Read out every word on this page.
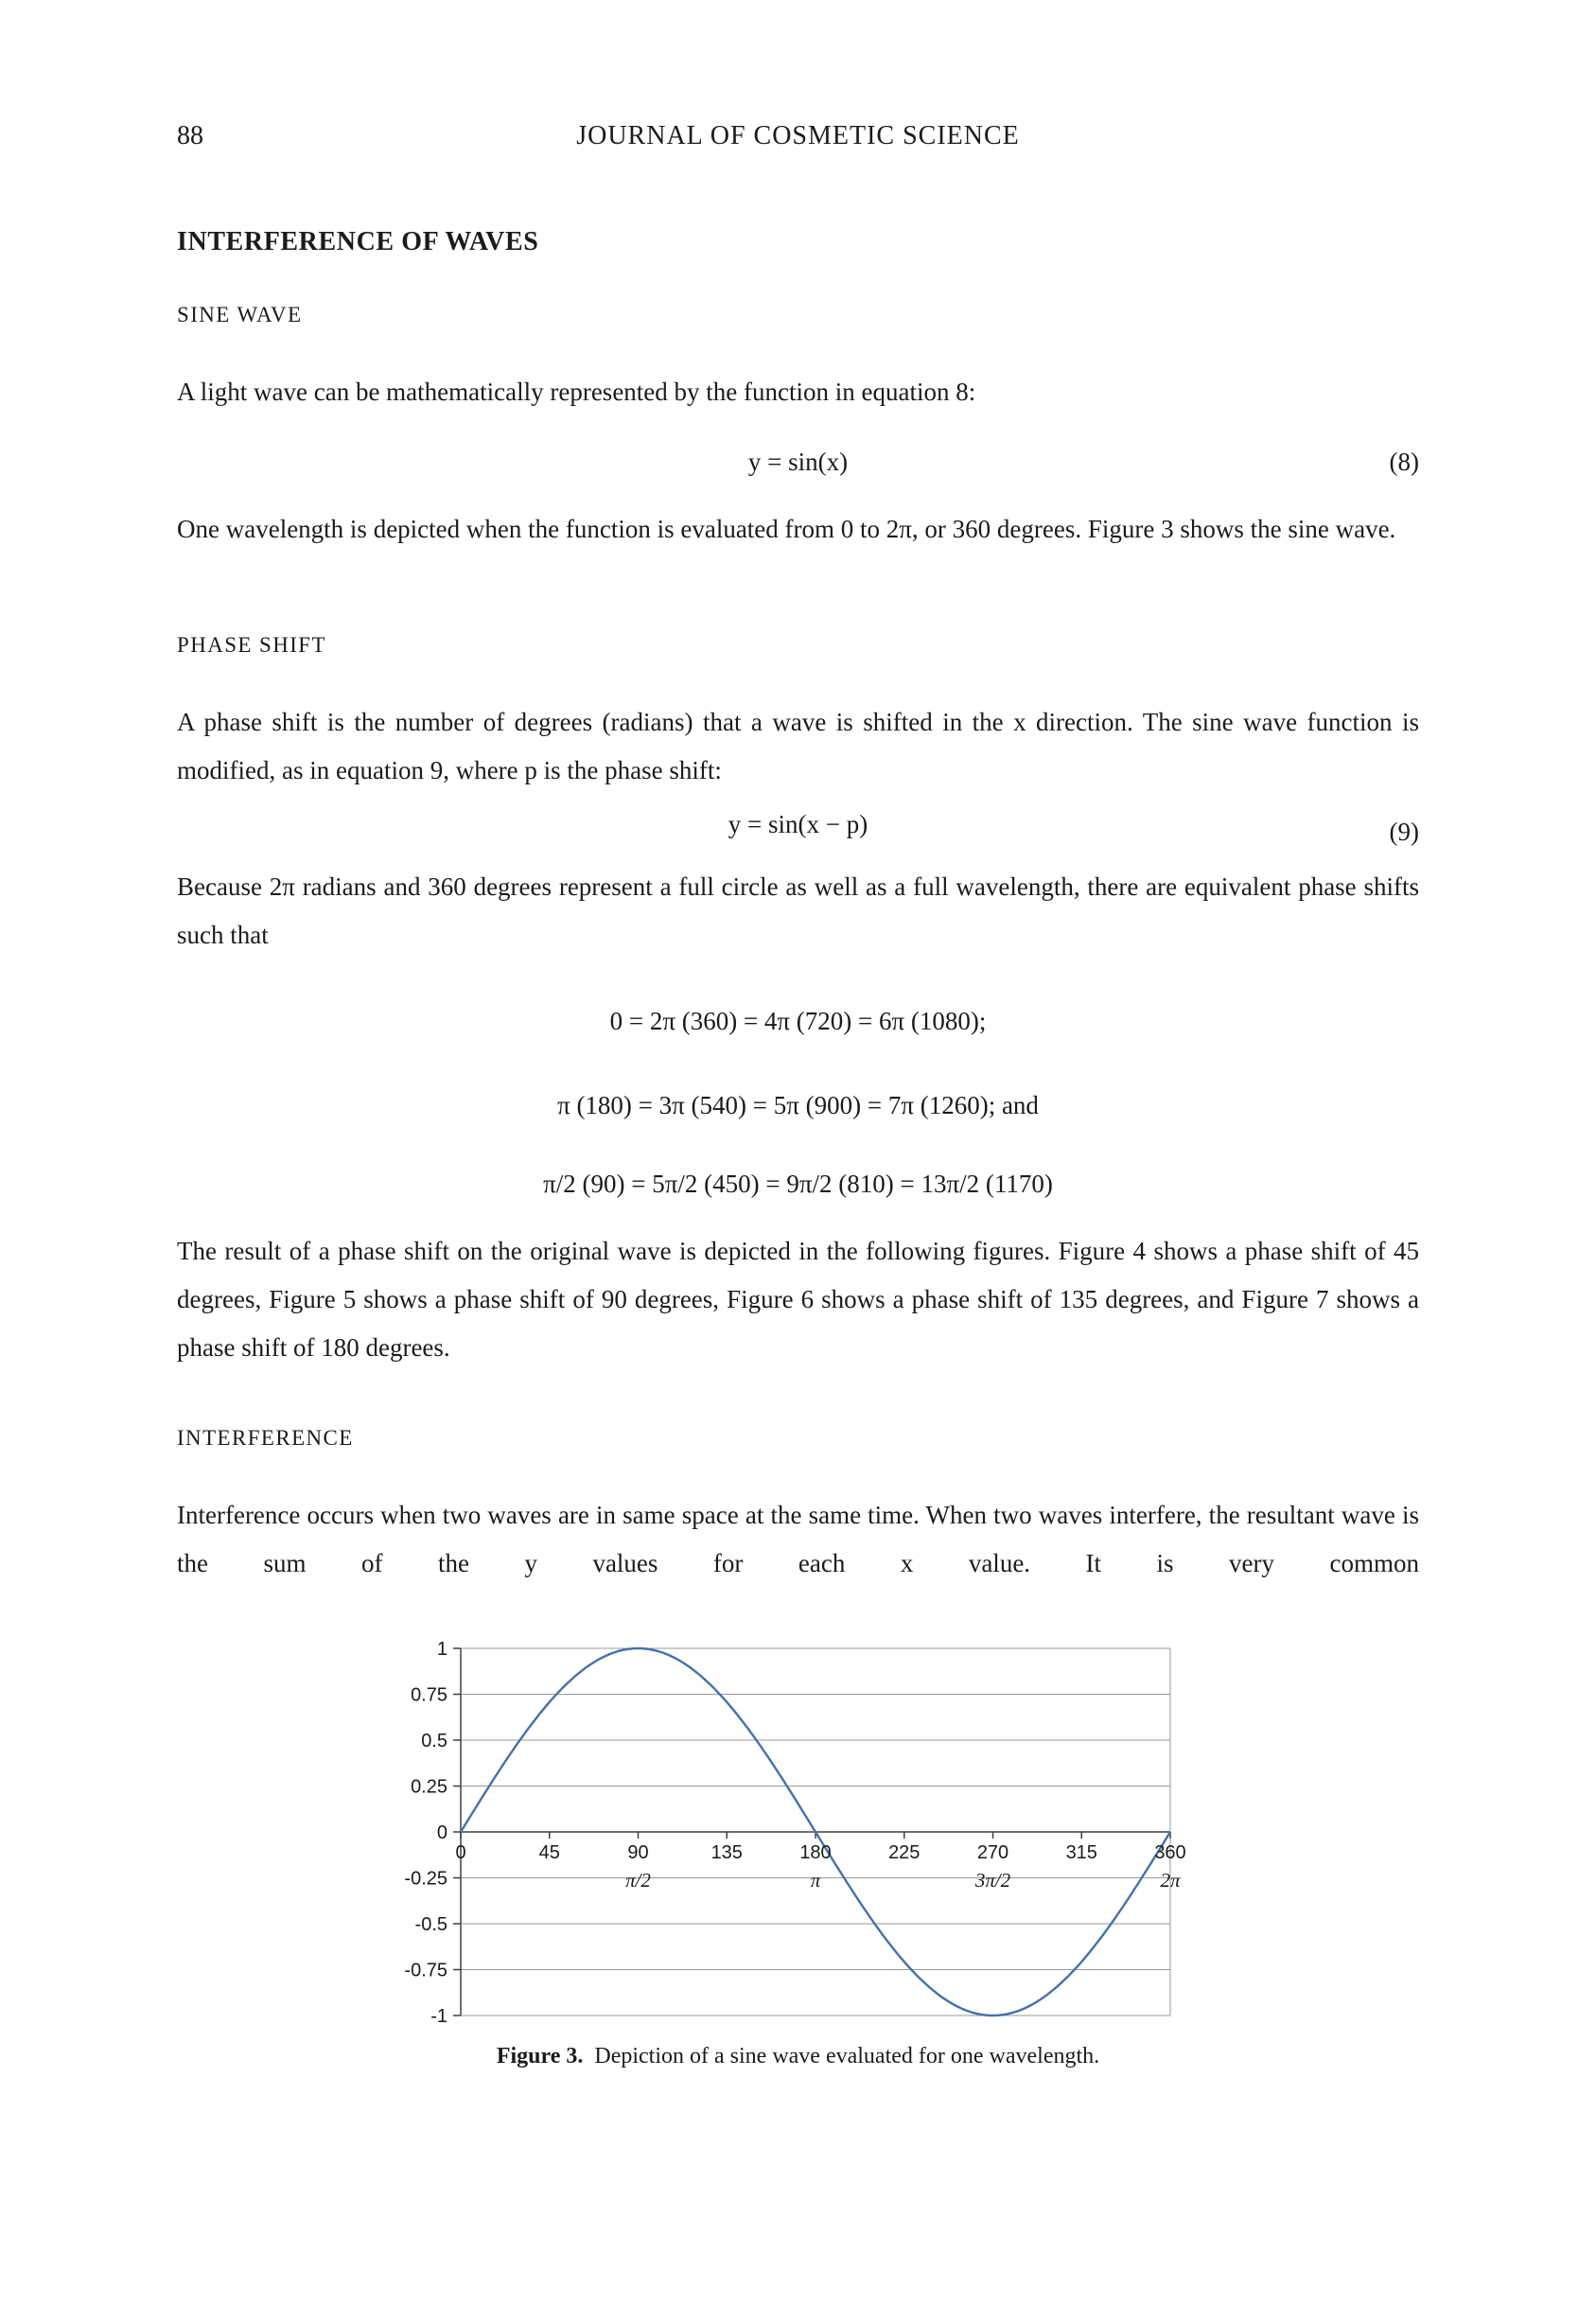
88	JOURNAL OF COSMETIC SCIENCE
INTERFERENCE OF WAVES
SINE WAVE

A light wave can be mathematically represented by the function in equation 8:

y = sin(x)	(8)

One wavelength is depicted when the function is evaluated from 0 to 2π, or 360 degrees. Figure 3 shows the sine wave.

PHASE SHIFT

A phase shift is the number of degrees (radians) that a wave is shifted in the x direction. The sine wave function is modified, as in equation 9, where p is the phase shift:

y = sin(x − p)	(9)

Because 2π radians and 360 degrees represent a full circle as well as a full wavelength, there are equivalent phase shifts such that

0 = 2π (360) = 4π (720) = 6π (1080);

π (180) = 3π (540) = 5π (900) = 7π (1260); and

π/2 (90) = 5π/2 (450) = 9π/2 (810) = 13π/2 (1170)

The result of a phase shift on the original wave is depicted in the following figures. Figure 4 shows a phase shift of 45 degrees, Figure 5 shows a phase shift of 90 degrees, Figure 6 shows a phase shift of 135 degrees, and Figure 7 shows a phase shift of 180 degrees.

INTERFERENCE

Interference occurs when two waves are in same space at the same time. When two waves interfere, the resultant wave is the sum of the y values for each x value. It is very common

1
0.75
0.5
0.25
0
-0.25
-0.5
-0.75
-1
0	45	90	135	180	225	270	315	360
π/2	π	3π/2	2π
Figure 3. Depiction of a sine wave evaluated for one wavelength.
